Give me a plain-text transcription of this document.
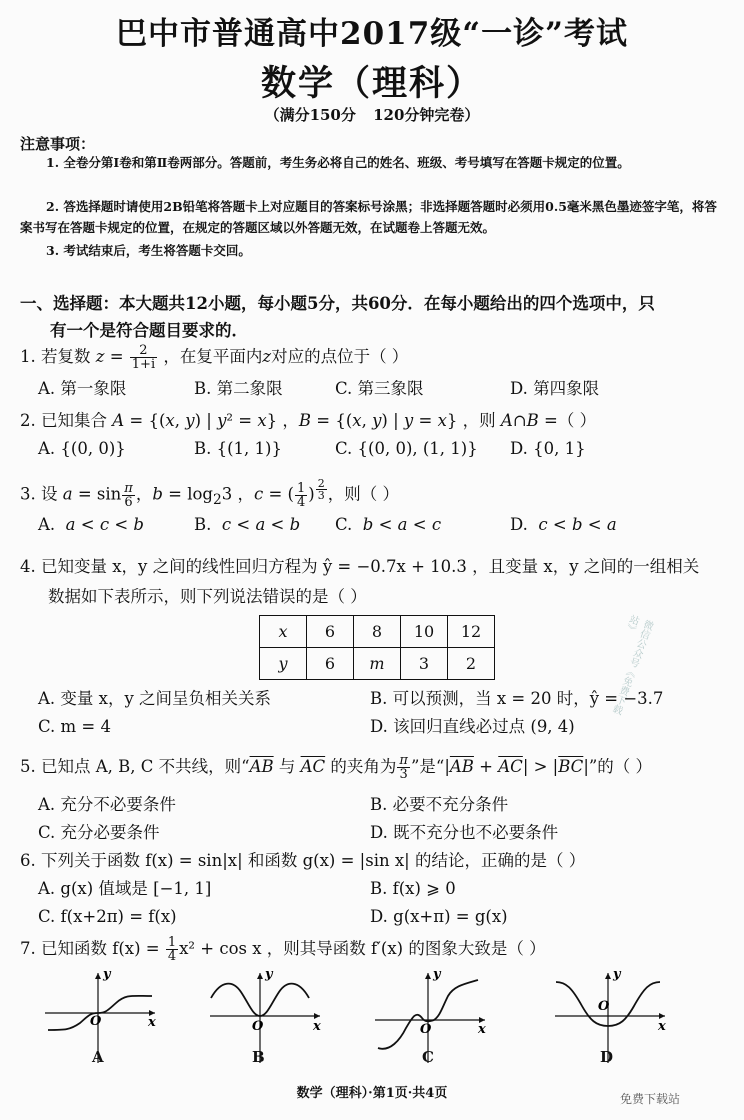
巴中市普通高中2017级“一诊”考试
数学（理科）
（满分150分 120分钟完卷）
注意事项：
1. 全卷分第Ⅰ卷和第Ⅱ卷两部分。答题前，考生务必将自己的姓名、班级、考号填写在答题卡规定的位置。
2. 答选择题时请使用2B铅笔将答题卡上对应题目的答案标号涂黑；非选择题答题时必须用0.5毫米黑色墨迹签字笔，将答案书写在答题卡规定的位置，在规定的答题区域以外答题无效，在试题卷上答题无效。
3. 考试结束后，考生将答题卡交回。
一、选择题：本大题共12小题，每小题5分，共60分．在每小题给出的四个选项中，只
有一个是符合题目要求的．
1. 若复数 $z = \frac{2}{1+i}$ ，在复平面内z对应的点位于（ ）
A. 第一象限	B. 第二象限	C. 第三象限	D. 第四象限
2. 已知集合 A = {(x, y) | y² = x} ，B = {(x, y) | y = x} ，则 A∩B =（ ）
A. {(0, 0)}	B. {(1, 1)}	C. {(0, 0), (1, 1)} D. {0, 1}
3. 设 $a = \sin \frac{\pi}{6}$ ，$b = \log_23$ ，c = ( $\frac{1}{4}$ ) $^{\frac{2}{3}}$ ，则（ ）
A.  a < c < b	B.  c < a < b C.  b < a < c	D.  c < b < a
4. 已知变量 x，y 之间的线性回归方程为 ŷ = −0.7x + 10.3 ，且变量 x，y 之间的一组相关
数据如下表所示，则下列说法错误的是（ ）
x	6	8	10	12
y	6	m	3	2	微信公众号《免费下载站》
A. 变量 x，y 之间呈负相关关系	B. 可以预测，当 x = 20 时，ŷ = −3.7
C. m = 4	D. 该回归直线必过点 (9, 4)
5. 已知点 A, B, C 不共线，则“$\overline{AB}$ 与 $\overline{AC}$ 的夹角为 $\frac{\pi}{3}$ ”是“$|\overline{AB} + \overline{AC}| > |\overline{BC}|$”的（ ）
A. 充分不必要条件	B. 必要不充分条件
C. 充分必要条件	D. 既不充分也不必要条件
6. 下列关于函数 f(x) = sin|x| 和函数 g(x) = |sin x| 的结论，正确的是（ ）
A. g(x) 值域是 [−1, 1]	B. f(x) ⩾ 0
C. f(x+2π) = f(x)	D. g(x+π) = g(x)
7. 已知函数 $f(x) = \frac{1}{4} x^2 + \cos x$ ，则其导函数 f′(x) 的图象大致是（ ）
O
y
x	O
y
x	O
y
x
O
y
x
A	B	C	D
数学（理科）·第1页·共4页	免费下载站
